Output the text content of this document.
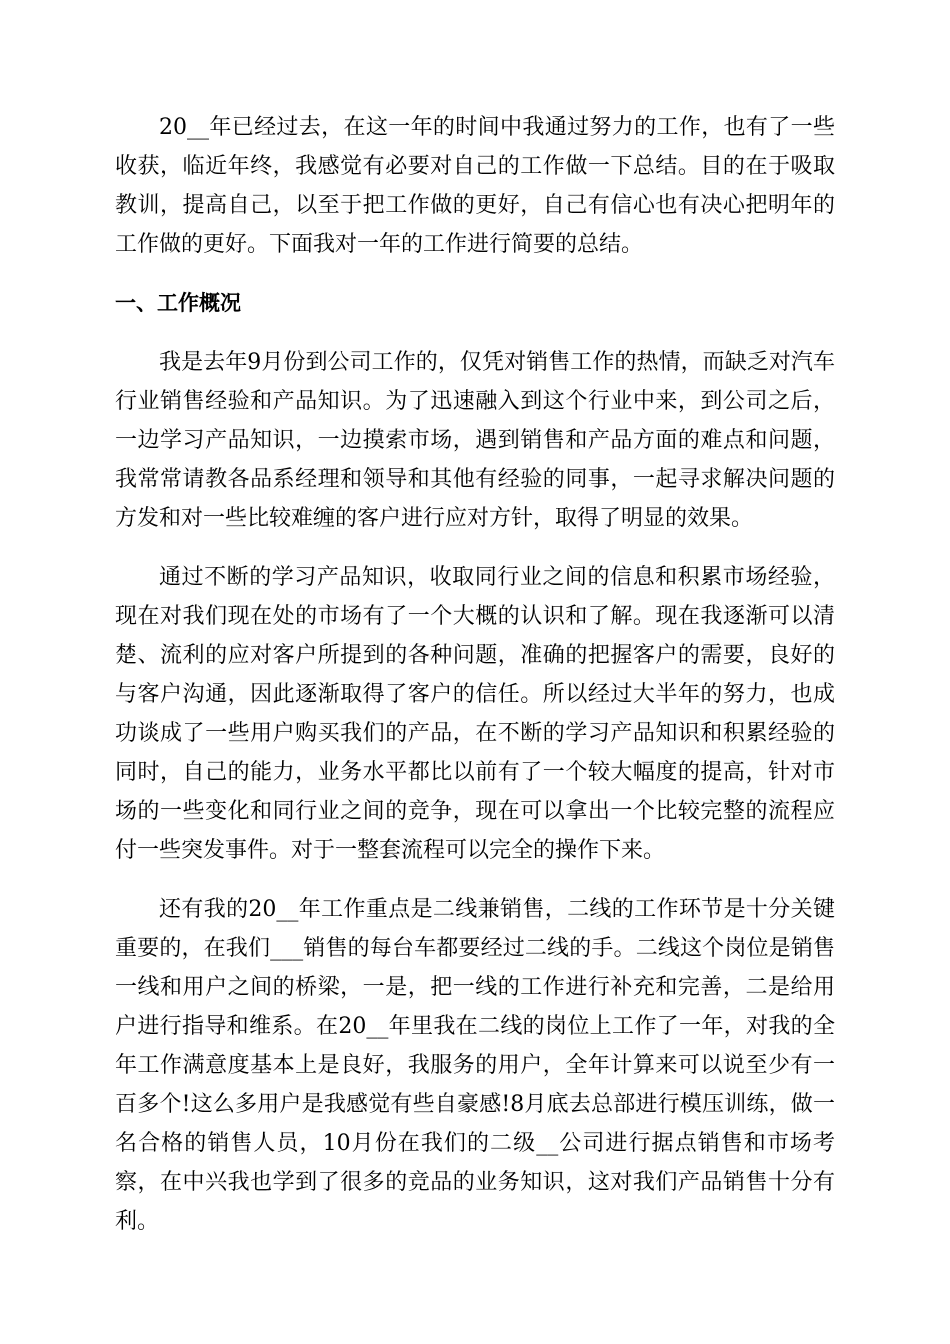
20__年已经过去，在这一年的时间中我通过努力的工作，也有了一些收获，临近年终，我感觉有必要对自己的工作做一下总结。目的在于吸取教训，提高自己，以至于把工作做的更好，自己有信心也有决心把明年的工作做的更好。下面我对一年的工作进行简要的总结。

一、工作概况

我是去年9月份到公司工作的，仅凭对销售工作的热情，而缺乏对汽车行业销售经验和产品知识。为了迅速融入到这个行业中来，到公司之后，一边学习产品知识，一边摸索市场，遇到销售和产品方面的难点和问题，我常常请教各品系经理和领导和其他有经验的同事，一起寻求解决问题的方发和对一些比较难缠的客户进行应对方针，取得了明显的效果。

通过不断的学习产品知识，收取同行业之间的信息和积累市场经验，现在对我们现在处的市场有了一个大概的认识和了解。现在我逐渐可以清楚、流利的应对客户所提到的各种问题，准确的把握客户的需要，良好的与客户沟通，因此逐渐取得了客户的信任。所以经过大半年的努力，也成功谈成了一些用户购买我们的产品，在不断的学习产品知识和积累经验的同时，自己的能力，业务水平都比以前有了一个较大幅度的提高，针对市场的一些变化和同行业之间的竞争，现在可以拿出一个比较完整的流程应付一些突发事件。对于一整套流程可以完全的操作下来。

还有我的20__年工作重点是二线兼销售，二线的工作环节是十分关键重要的，在我们___销售的每台车都要经过二线的手。二线这个岗位是销售一线和用户之间的桥梁，一是，把一线的工作进行补充和完善，二是给用户进行指导和维系。在20__年里我在二线的岗位上工作了一年，对我的全年工作满意度基本上是良好，我服务的用户，全年计算来可以说至少有一百多个!这么多用户是我感觉有些自豪感!8月底去总部进行模压训练，做一名合格的销售人员，10月份在我们的二级__公司进行据点销售和市场考察，在中兴我也学到了很多的竞品的业务知识，这对我们产品销售十分有利。
